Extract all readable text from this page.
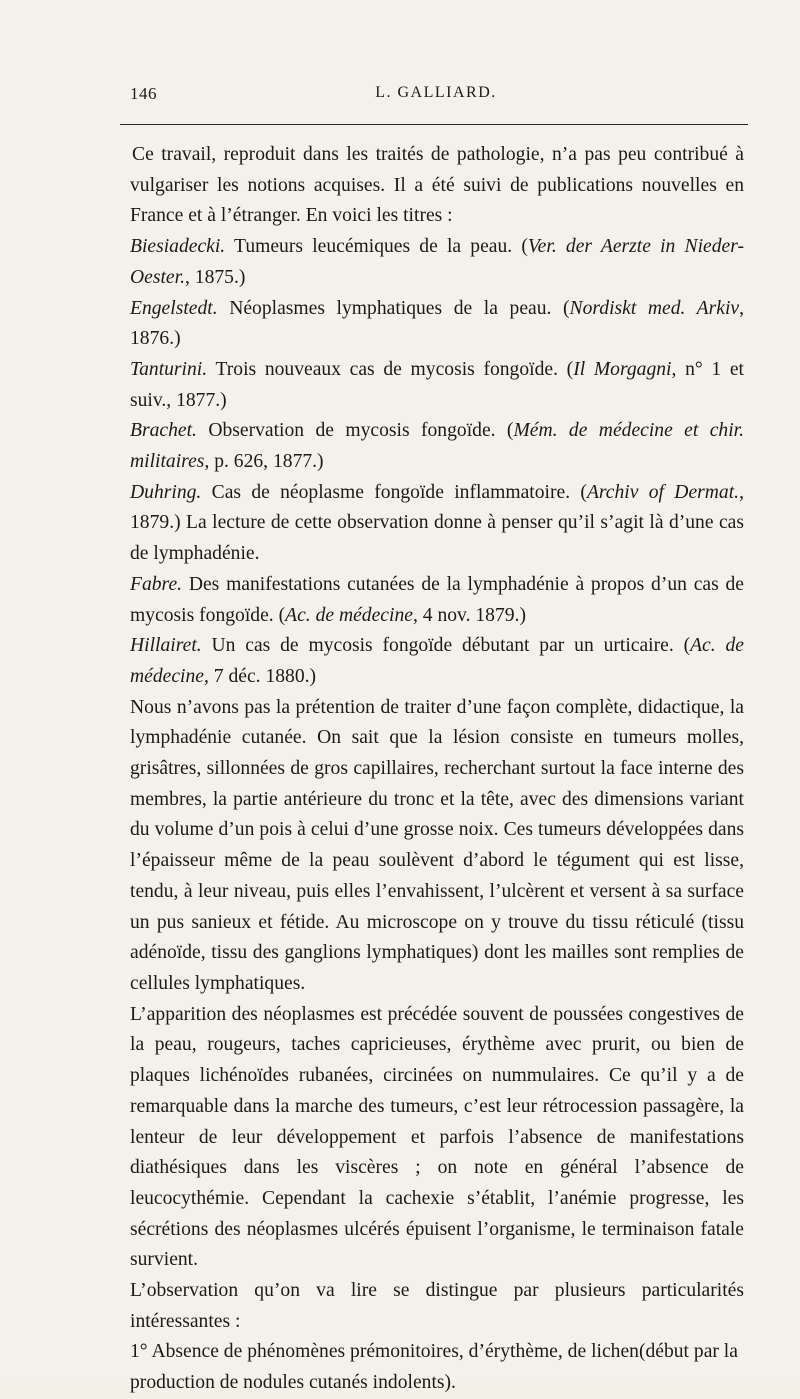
146	L. GALLIARD.

Ce travail, reproduit dans les traités de pathologie, n’a pas peu contribué à vulgariser les notions acquises. Il a été suivi de publications nouvelles en France et à l’étranger. En voici les titres :

Biesiadecki. Tumeurs leucémiques de la peau. (Ver. der Aerzte in Nieder-Oester., 1875.)

Engelstedt. Néoplasmes lymphatiques de la peau. (Nordiskt med. Arkiv, 1876.)

Tanturini. Trois nouveaux cas de mycosis fongoïde. (Il Morgagni, n° 1 et suiv., 1877.)

Brachet. Observation de mycosis fongoïde. (Mém. de médecine et chir. militaires, p. 626, 1877.)

Duhring. Cas de néoplasme fongoïde inflammatoire. (Archiv of Dermat., 1879.) La lecture de cette observation donne à penser qu’il s’agit là d’une cas de lymphadénie.

Fabre. Des manifestations cutanées de la lymphadénie à propos d’un cas de mycosis fongoïde. (Ac. de médecine, 4 nov. 1879.)

Hillairet. Un cas de mycosis fongoïde débutant par un urticaire. (Ac. de médecine, 7 déc. 1880.)

Nous n’avons pas la prétention de traiter d’une façon complète, didactique, la lymphadénie cutanée. On sait que la lésion consiste en tumeurs molles, grisâtres, sillonnées de gros capillaires, recherchant surtout la face interne des membres, la partie antérieure du tronc et la tête, avec des dimensions variant du volume d’un pois à celui d’une grosse noix. Ces tumeurs développées dans l’épaisseur même de la peau soulèvent d’abord le tégument qui est lisse, tendu, à leur niveau, puis elles l’envahissent, l’ulcèrent et versent à sa surface un pus sanieux et fétide. Au microscope on y trouve du tissu réticulé (tissu adénoïde, tissu des ganglions lymphatiques) dont les mailles sont remplies de cellules lymphatiques.

L’apparition des néoplasmes est précédée souvent de poussées congestives de la peau, rougeurs, taches capricieuses, érythème avec prurit, ou bien de plaques lichénoïdes rubanées, circinées on nummulaires. Ce qu’il y a de remarquable dans la marche des tumeurs, c’est leur rétrocession passagère, la lenteur de leur développement et parfois l’absence de manifestations diathésiques dans les viscères ; on note en général l’absence de leucocythémie. Cependant la cachexie s’établit, l’anémie progresse, les sécrétions des néoplasmes ulcérés épuisent l’organisme, le terminaison fatale survient.

L’observation qu’on va lire se distingue par plusieurs particularités intéressantes :

1° Absence de phénomènes prémonitoires, d’érythème, de lichen(début par la production de nodules cutanés indolents).
